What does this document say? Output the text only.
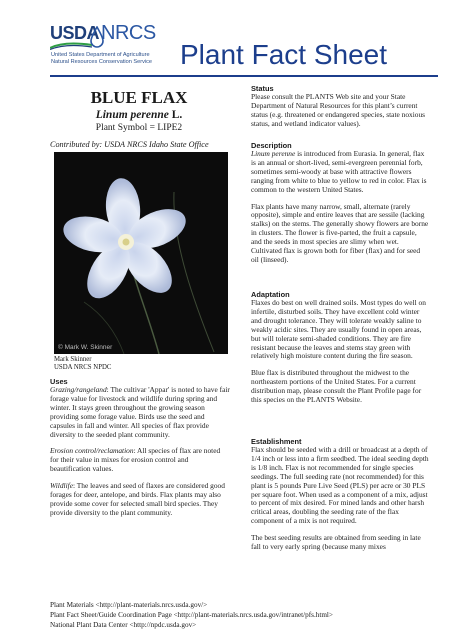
USDA NRCS
United States Department of Agriculture
Natural Resources Conservation Service Plant Fact Sheet
BLUE FLAX
Linum perenne L.
Plant Symbol = LIPE2
Contributed by: USDA NRCS Idaho State Office
© Mark W. Skinner
Mark Skinner
USDA NRCS NPDC
Uses

Grazing/rangeland: The cultivar 'Appar' is noted to have fair forage value for livestock and wildlife during spring and winter. It stays green throughout the growing season providing some forage value. Birds use the seed and capsules in fall and winter. All species of flax provide diversity to the seeded plant community.

Erosion control/reclamation: All species of flax are noted for their value in mixes for erosion control and beautification values.

Wildlife: The leaves and seed of flaxes are considered good forages for deer, antelope, and birds. Flax plants may also provide some cover for selected small bird species. They provide diversity to the plant community.

Status
Please consult the PLANTS Web site and your State Department of Natural Resources for this plant’s current status (e.g. threatened or endangered species, state noxious status, and wetland indicator values).
Description

Linum perenne is introduced from Eurasia. In general, flax is an annual or short-lived, semi-evergreen perennial forb, sometimes semi-woody at base with attractive flowers ranging from white to blue to yellow to red in color. Flax is common to the western United States.

Flax plants have many narrow, small, alternate (rarely opposite), simple and entire leaves that are sessile (lacking stalks) on the stems. The generally showy flowers are borne in clusters. The flower is five-parted, the fruit a capsule, and the seeds in most species are slimy when wet. Cultivated flax is grown both for fiber (flax) and for seed oil (linseed).

Adaptation

Flaxes do best on well drained soils. Most types do well on infertile, disturbed soils. They have excellent cold winter and drought tolerance. They will tolerate weakly saline to weakly acidic sites. They are usually found in open areas, but will tolerate semi-shaded conditions. They are fire resistant because the leaves and stems stay green with relatively high moisture content during the fire season.

Blue flax is distributed throughout the midwest to the northeastern portions of the United States. For a current distribution map, please consult the Plant Profile page for this species on the PLANTS Website.

Establishment

Flax should be seeded with a drill or broadcast at a depth of 1/4 inch or less into a firm seedbed. The ideal seeding depth is 1/8 inch. Flax is not recommended for single species seedings. The full seeding rate (not recommended) for this plant is 5 pounds Pure Live Seed (PLS) per acre or 30 PLS per square foot. When used as a component of a mix, adjust to percent of mix desired. For mined lands and other harsh critical areas, doubling the seeding rate of the flax component of a mix is not required.

The best seeding results are obtained from seeding in late fall to very early spring (because many mixes

Plant Materials <http://plant-materials.nrcs.usda.gov/>
Plant Fact Sheet/Guide Coordination Page <http://plant-materials.nrcs.usda.gov/intranet/pfs.html>
National Plant Data Center <http://npdc.usda.gov>
